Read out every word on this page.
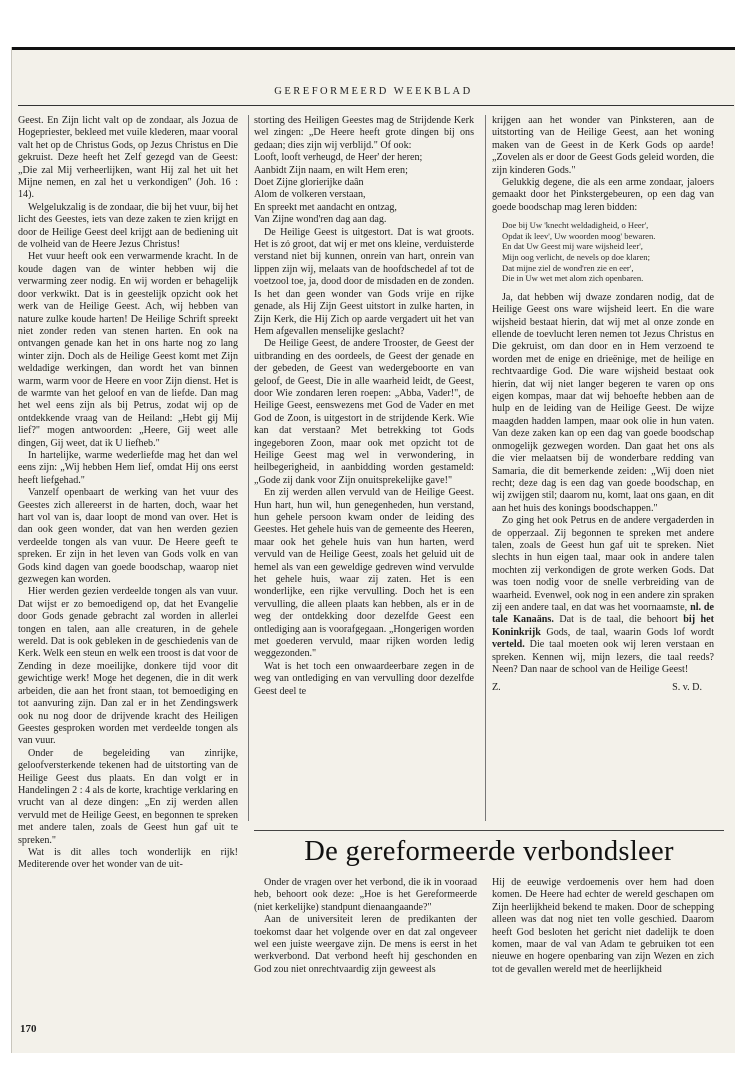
GEREFORMEERD WEEKBLAD

Geest. En Zijn licht valt op de zondaar, als Jozua de Hogepriester, bekleed met vuile klederen, maar vooral valt het op de Christus Gods, op Jezus Christus en Die gekruist. Deze heeft het Zelf gezegd van de Geest: „Die zal Mij verheerlijken, want Hij zal het uit het Mijne nemen, en zal het u verkondigen" (Joh. 16 : 14).

Welgelukzalig is de zondaar, die bij het vuur, bij het licht des Geestes, iets van deze zaken te zien krijgt en door de Heilige Geest deel krijgt aan de bediening uit de volheid van de Heere Jezus Christus!

Het vuur heeft ook een verwarmende kracht. In de koude dagen van de winter hebben wij die verwarming zeer nodig. En wij worden er behagelijk door verkwikt. Dat is in geestelijk opzicht ook het werk van de Heilige Geest. Ach, wij hebben van nature zulke koude harten! De Heilige Schrift spreekt niet zonder reden van stenen harten. En ook na ontvangen genade kan het in ons harte nog zo lang winter zijn. Doch als de Heilige Geest komt met Zijn weldadige werkingen, dan wordt het van binnen warm, warm voor de Heere en voor Zijn dienst. Het is de warmte van het geloof en van de liefde. Dan mag het wel eens zijn als bij Petrus, zodat wij op de ontdekkende vraag van de Heiland: „Hebt gij Mij lief?" mogen antwoorden: „Heere, Gij weet alle dingen, Gij weet, dat ik U liefheb."

In hartelijke, warme wederliefde mag het dan wel eens zijn: „Wij hebben Hem lief, omdat Hij ons eerst heeft liefgehad."

Vanzelf openbaart de werking van het vuur des Geestes zich allereerst in de harten, doch, waar het hart vol van is, daar loopt de mond van over. Het is dan ook geen wonder, dat van hen werden gezien verdeelde tongen als van vuur. De Heere geeft te spreken. Er zijn in het leven van Gods volk en van Gods kind dagen van goede boodschap, waarop niet gezwegen kan worden.

Hier werden gezien verdeelde tongen als van vuur. Dat wijst er zo bemoedigend op, dat het Evangelie door Gods genade gebracht zal worden in allerlei tongen en talen, aan alle creaturen, in de gehele wereld. Dat is ook gebleken in de geschiedenis van de Kerk. Welk een steun en welk een troost is dat voor de Zending in deze moeilijke, donkere tijd voor dit gewichtige werk! Moge het degenen, die in dit werk arbeiden, die aan het front staan, tot bemoediging en tot aanvuring zijn. Dan zal er in het Zendingswerk ook nu nog door de drijvende kracht des Heiligen Geestes gesproken worden met verdeelde tongen als van vuur.

Onder de begeleiding van zinrijke, geloofversterkende tekenen had de uitstorting van de Heilige Geest dus plaats. En dan volgt er in Handelingen 2 : 4 als de korte, krachtige verklaring en vrucht van al deze dingen: „En zij werden allen vervuld met de Heilige Geest, en begonnen te spreken met andere talen, zoals de Geest hun gaf uit te spreken."

Wat is dit alles toch wonderlijk en rijk! Mediterende over het wonder van de uit-

storting des Heiligen Geestes mag de Strijdende Kerk wel zingen: „De Heere heeft grote dingen bij ons gedaan; dies zijn wij verblijd." Of ook:

Looft, looft verheugd, de Heer' der heren;
Aanbidt Zijn naam, en wilt Hem eren;
Doet Zijne glorierijke daân
Alom de volkeren verstaan,
En spreekt met aandacht en ontzag,
Van Zijne wond'ren dag aan dag.

De Heilige Geest is uitgestort. Dat is wat groots. Het is zó groot, dat wij er met ons kleine, verduisterde verstand niet bij kunnen, onrein van hart, onrein van lippen zijn wij, melaats van de hoofdschedel af tot de voetzool toe, ja, dood door de misdaden en de zonden. Is het dan geen wonder van Gods vrije en rijke genade, als Hij Zijn Geest uitstort in zulke harten, in Zijn Kerk, die Hij Zich op aarde vergadert uit het van Hem afgevallen menselijke geslacht?

De Heilige Geest, de andere Trooster, de Geest der uitbranding en des oordeels, de Geest der genade en der gebeden, de Geest van wedergeboorte en van geloof, de Geest, Die in alle waarheid leidt, de Geest, door Wie zondaren leren roepen: „Abba, Vader!", de Heilige Geest, eenswezens met God de Vader en met God de Zoon, is uitgestort in de strijdende Kerk. Wie kan dat verstaan? Met betrekking tot Gods ingegeboren Zoon, maar ook met opzicht tot de Heilige Geest mag wel in verwondering, in heilbegerigheid, in aanbidding worden gestameld: „Gode zij dank voor Zijn onuitsprekelijke gave!"

En zij werden allen vervuld van de Heilige Geest. Hun hart, hun wil, hun genegenheden, hun verstand, hun gehele persoon kwam onder de leiding des Geestes. Het gehele huis van de gemeente des Heeren, maar ook het gehele huis van hun harten, werd vervuld van de Heilige Geest, zoals het geluid uit de hemel als van een geweldige gedreven wind vervulde het gehele huis, waar zij zaten. Het is een wonderlijke, een rijke vervulling. Doch het is een vervulling, die alleen plaats kan hebben, als er in de weg der ontdekking door dezelfde Geest een ontlediging aan is voorafgegaan. „Hongerigen worden met goederen vervuld, maar rijken worden ledig weggezonden."

Wat is het toch een onwaardeerbare zegen in de weg van ontlediging en van vervulling door dezelfde Geest deel te

krijgen aan het wonder van Pinksteren, aan de uitstorting van de Heilige Geest, aan het woning maken van de Geest in de Kerk Gods op aarde! „Zovelen als er door de Geest Gods geleid worden, die zijn kinderen Gods."

Gelukkig degene, die als een arme zondaar, jaloers gemaakt door het Pinkstergebeuren, op een dag van goede boodschap mag leren bidden:

Doe bij Uw 'knecht weldadigheid, o Heer',
Opdat ik leev', Uw woorden moog' bewaren.
En dat Uw Geest mij ware wijsheid leer',
Mijn oog verlicht, de nevels op doe klaren;
Dat mijne ziel de wond'ren zie en eer',
Die in Uw wet met alom zich openbaren.

Ja, dat hebben wij dwaze zondaren nodig, dat de Heilige Geest ons ware wijsheid leert. En die ware wijsheid bestaat hierin, dat wij met al onze zonde en ellende de toevlucht leren nemen tot Jezus Christus en Die gekruist, om dan door en in Hem verzoend te worden met de enige en drieënige, met de heilige en rechtvaardige God. Die ware wijsheid bestaat ook hierin, dat wij niet langer begeren te varen op ons eigen kompas, maar dat wij behoefte hebben aan de hulp en de leiding van de Heilige Geest. De wijze maagden hadden lampen, maar ook olie in hun vaten. Van deze zaken kan op een dag van goede boodschap onmogelijk gezwegen worden. Dan gaat het ons als die vier melaatsen bij de wonderbare redding van Samaria, die dit bemerkende zeiden: „Wij doen niet recht; deze dag is een dag van goede boodschap, en wij zwijgen stil; daarom nu, komt, laat ons gaan, en dit aan het huis des konings boodschappen."

Zo ging het ook Petrus en de andere vergaderden in de opperzaal. Zij begonnen te spreken met andere talen, zoals de Geest hun gaf uit te spreken. Niet slechts in hun eigen taal, maar ook in andere talen mochten zij verkondigen de grote werken Gods. Dat was toen nodig voor de snelle verbreiding van de waarheid. Evenwel, ook nog in een andere zin spraken zij een andere taal, en dat was het voornaamste, nl. de tale Kanaäns. Dat is de taal, die behoort bij het Koninkrijk Gods, de taal, waarin Gods lof wordt verteld. Die taal moeten ook wij leren verstaan en spreken. Kennen wij, mijn lezers, die taal reeds? Neen? Dan naar de school van de Heilige Geest!

Z.	S. v. D.
De gereformeerde verbondsleer

Onder de vragen over het verbond, die ik in vooraad heb, behoort ook deze: „Hoe is het Gereformeerde (niet kerkelijke) standpunt dienaangaande?"

Aan de universiteit leren de predikanten der toekomst daar het volgende over en dat zal ongeveer wel een juiste weergave zijn. De mens is eerst in het werkverbond. Dat verbond heeft hij geschonden en God zou niet onrechtvaardig zijn geweest als

Hij de eeuwige verdoemenis over hem had doen komen. De Heere had echter de wereld geschapen om Zijn heerlijkheid bekend te maken. Door de schepping alleen was dat nog niet ten volle geschied. Daarom heeft God besloten het gericht niet dadelijk te doen komen, maar de val van Adam te gebruiken tot een nieuwe en hogere openbaring van zijn Wezen en zich tot de gevallen wereld met de heerlijkheid

170
